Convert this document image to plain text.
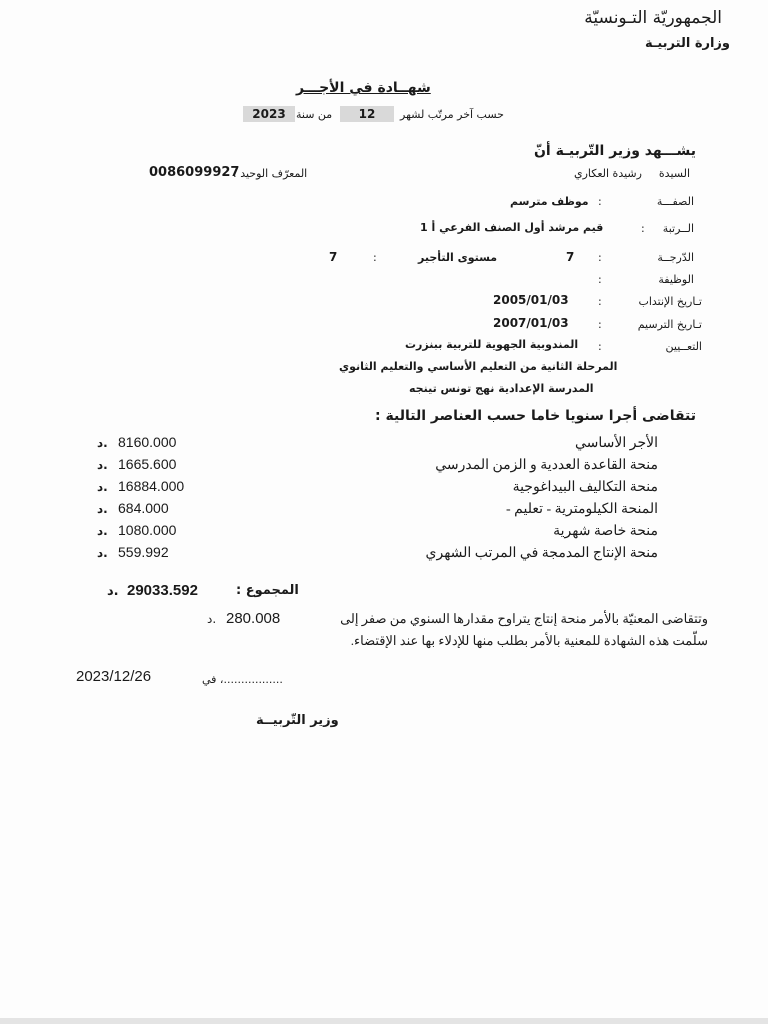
الجمهوريّة التـونسيّة
وزارة التربيـة
شهــادة في الأجـــر
حسب آخر مرتّب لشهر
12
من سنة
2023
يشـــهد وزير التّربيـة أنّ
السيدة
رشيدة العكاري
المعرّف الوحيد :
0086099927
الصفـــة
:
موظف مترسم
الــرتبة
:
قيم مرشد أول الصنف الفرعي أ 1
الدّرجــة
:
7
مستوى التأجير
:
7
الوظيفة
:
تـاريخ الإنتداب
:
2005/01/03
تـاريخ الترسيم
:
2007/01/03
التعــيين
:
المندوبية الجهوية للتربية ببنزرت
المرحلة الثانية من التعليم الأساسي والتعليم الثانوي
المدرسة الإعدادية نهج تونس تينجه
تتقاضى أجرا سنويا خاما حسب العناصر التالية :
الأجر الأساسي
8160.000
د.
منحة القاعدة العددية و الزمن المدرسي
1665.600
د.
منحة التكاليف البيداغوجية
16884.000
د.
المنحة الكيلومترية - تعليم -
684.000
د.
منحة خاصة شهرية
1080.000
د.
منحة الإنتاج المدمجة في المرتب الشهري
559.992
د.
المجموع :
29033.592
د.
وتتقاضى المعنيّة بالأمر منحة إنتاج يتراوح مقدارها السنوي من صفر إلى
280.008
د.
سلّمت هذه الشهادة للمعنية بالأمر بطلب منها للإدلاء بها عند الإقتضاء.
.................، في
2023/12/26
وزير التّربيــة
